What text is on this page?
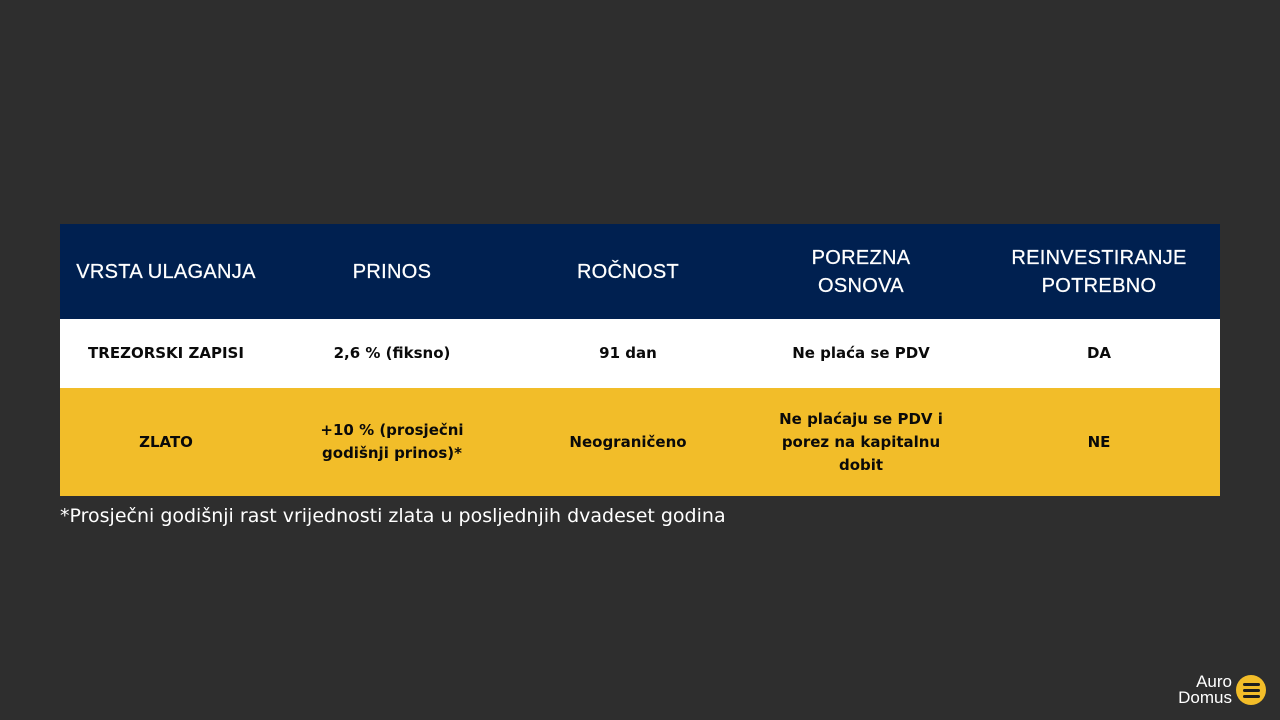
VRSTA ULAGANJA	PRINOS	ROČNOST	POREZNA OSNOVA	REINVESTIRANJE POTREBNO
TREZORSKI ZAPISI	2,6 % (fiksno)	91 dan	Ne plaća se PDV	DA
ZLATO	+10 % (prosječni godišnji prinos)*	Neograničeno	Ne plaćaju se PDV i porez na kapitalnu dobit	NE
*Prosječni godišnji rast vrijednosti zlata u posljednjih dvadeset godina
Auro
Domus
